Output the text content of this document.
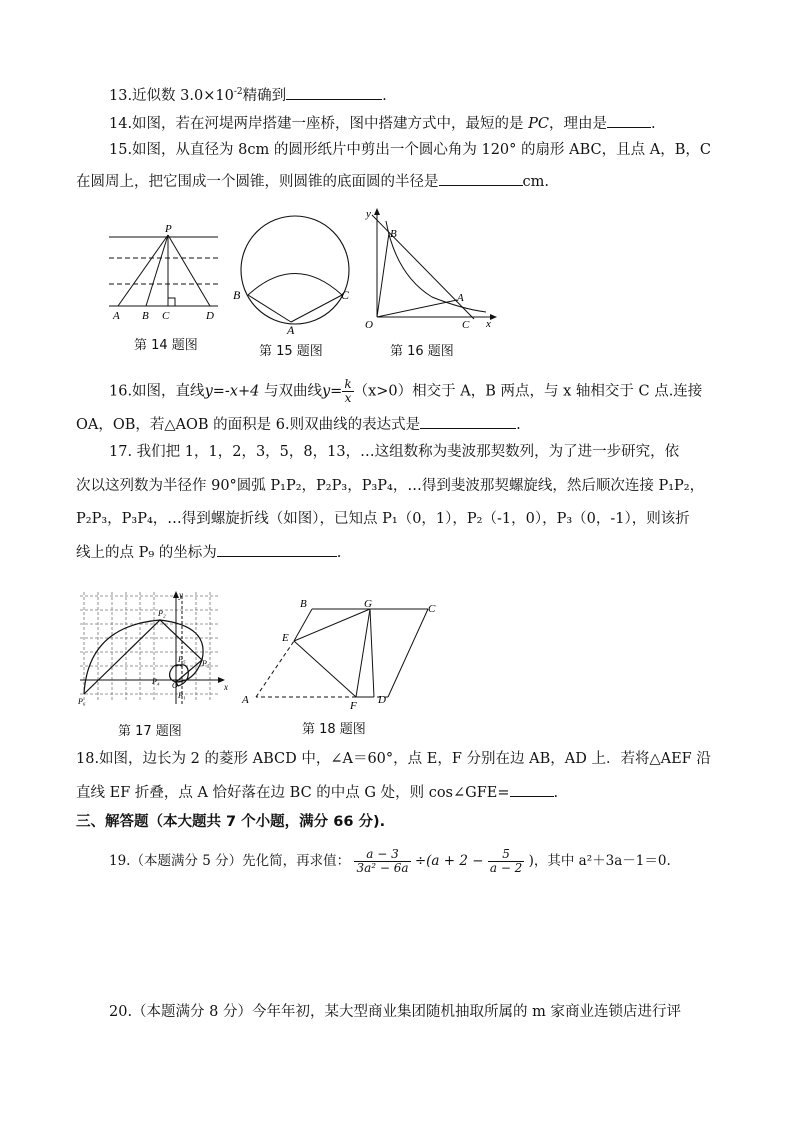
13.近似数 $3.0\times 10^{-2}$精确到	.
14.如图，若在河堤两岸搭建一座桥，图中搭建方式中，最短的是 PC，理由是	.
15.如图，从直径为 8cm 的圆形纸片中剪出一个圆心角为 120° 的扇形 ABC，且点 A，B，C
在圆周上，把它围成一个圆锥，则圆锥的底面圆的半径是	cm.
P
A B C	D
第 14 题图
B	C
A
第 15 题图
y
B
A
O	C x
第 16 题图
16.如图，直线y=-x+4 与双曲线$y= \frac{k}{x} (x>0)$相交于 A，B 两点，与 x 轴相交于 C 点.连接
OA，OB，若△AOB 的面积是 6.则双曲线的表达式是	.
17. 我们把 1，1，2，3，5，8，13，…这组数称为斐波那契数列，为了进一步研究，依
次以这列数为半径作 90°圆弧 P₁P₂，P₂P₃，P₃P₄，…得到斐波那契螺旋线，然后顺次连接 P₁P₂，
P₂P₃，P₃P₄，…得到螺旋折线（如图），已知点 P₁（0，1），P₂（-1，0），P₃（0，-1），则该折
线上的点 P₉ 的坐标为	.
y
x
P₂
P₅
P₆
P₃
P₄ O
P₁
第 17 题图
B	G	C
E
A	F D
第 18 题图
18.如图，边长为 2 的菱形 ABCD 中，∠A＝60°，点 E，F 分别在边 AB，AD 上．若将△AEF 沿
直线 EF 折叠，点 A 恰好落在边 BC 的中点 G 处，则 cos∠GFE=	.
三、解答题（本大题共 7 个小题，满分 66 分).
19.（本题满分 5 分）先化简，再求值： $\frac{a - 3}{\text{3a² − 6a}} \div(a + 2 - \frac{5}{a - 2}$ )，其中 a²＋3a－1＝0.
20.（本题满分 8 分）今年年初，某大型商业集团随机抽取所属的 m 家商业连锁店进行评
